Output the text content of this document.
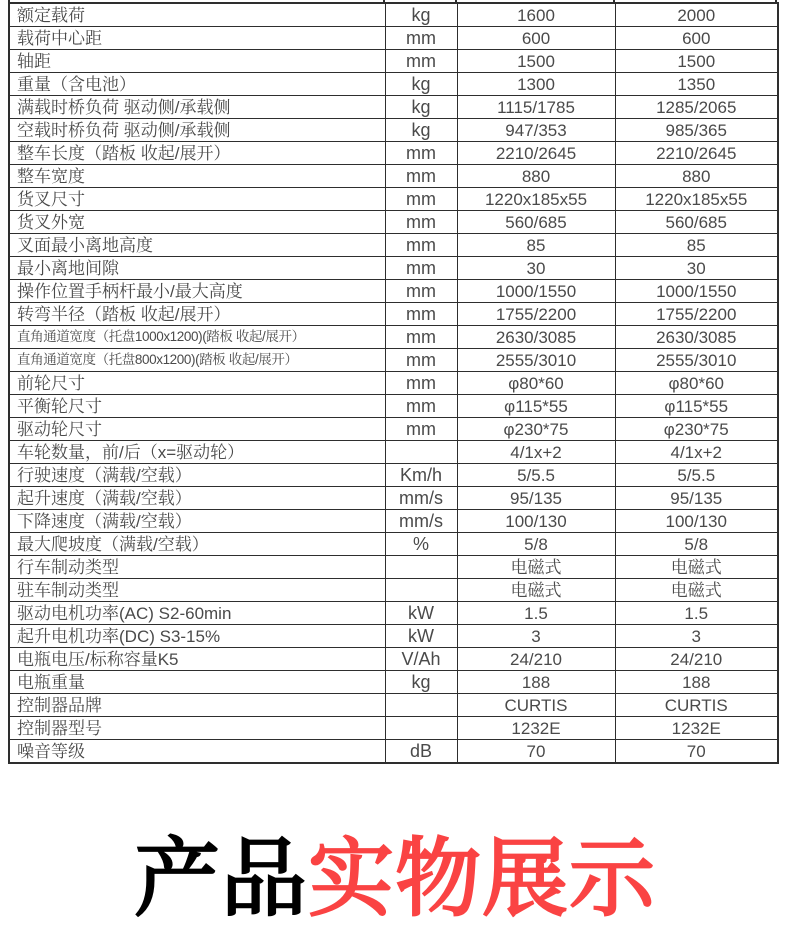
额定载荷	kg	1600	2000
载荷中心距	mm	600	600
轴距	mm	1500	1500
重量（含电池）	kg	1300	1350
满载时桥负荷 驱动侧/承载侧	kg	1115/1785	1285/2065
空载时桥负荷 驱动侧/承载侧	kg	947/353	985/365
整车长度（踏板 收起/展开）	mm	2210/2645	2210/2645
整车宽度	mm	880	880
货叉尺寸	mm	1220x185x55	1220x185x55
货叉外宽	mm	560/685	560/685
叉面最小离地高度	mm	85	85
最小离地间隙	mm	30	30
操作位置手柄杆最小/最大高度	mm	1000/1550	1000/1550
转弯半径（踏板 收起/展开）	mm	1755/2200	1755/2200
直角通道宽度（托盘1000x1200)(踏板 收起/展开）	mm	2630/3085	2630/3085
直角通道宽度（托盘800x1200)(踏板 收起/展开）	mm	2555/3010	2555/3010
前轮尺寸	mm	φ80*60	φ80*60
平衡轮尺寸	mm	φ115*55	φ115*55
驱动轮尺寸	mm	φ230*75	φ230*75
车轮数量，前/后（x=驱动轮）		4/1x+2	4/1x+2
行驶速度（满载/空载）	Km/h	5/5.5	5/5.5
起升速度（满载/空载）	mm/s	95/135	95/135
下降速度（满载/空载）	mm/s	100/130	100/130
最大爬坡度（满载/空载）	%	5/8	5/8
行车制动类型		电磁式	电磁式
驻车制动类型		电磁式	电磁式
驱动电机功率(AC) S2-60min	kW	1.5	1.5
起升电机功率(DC) S3-15%	kW	3	3
电瓶电压/标称容量K5	V/Ah	24/210	24/210
电瓶重量	kg	188	188
控制器品牌		CURTIS	CURTIS
控制器型号		1232E	1232E
噪音等级	dB	70	70
产品实物展示
